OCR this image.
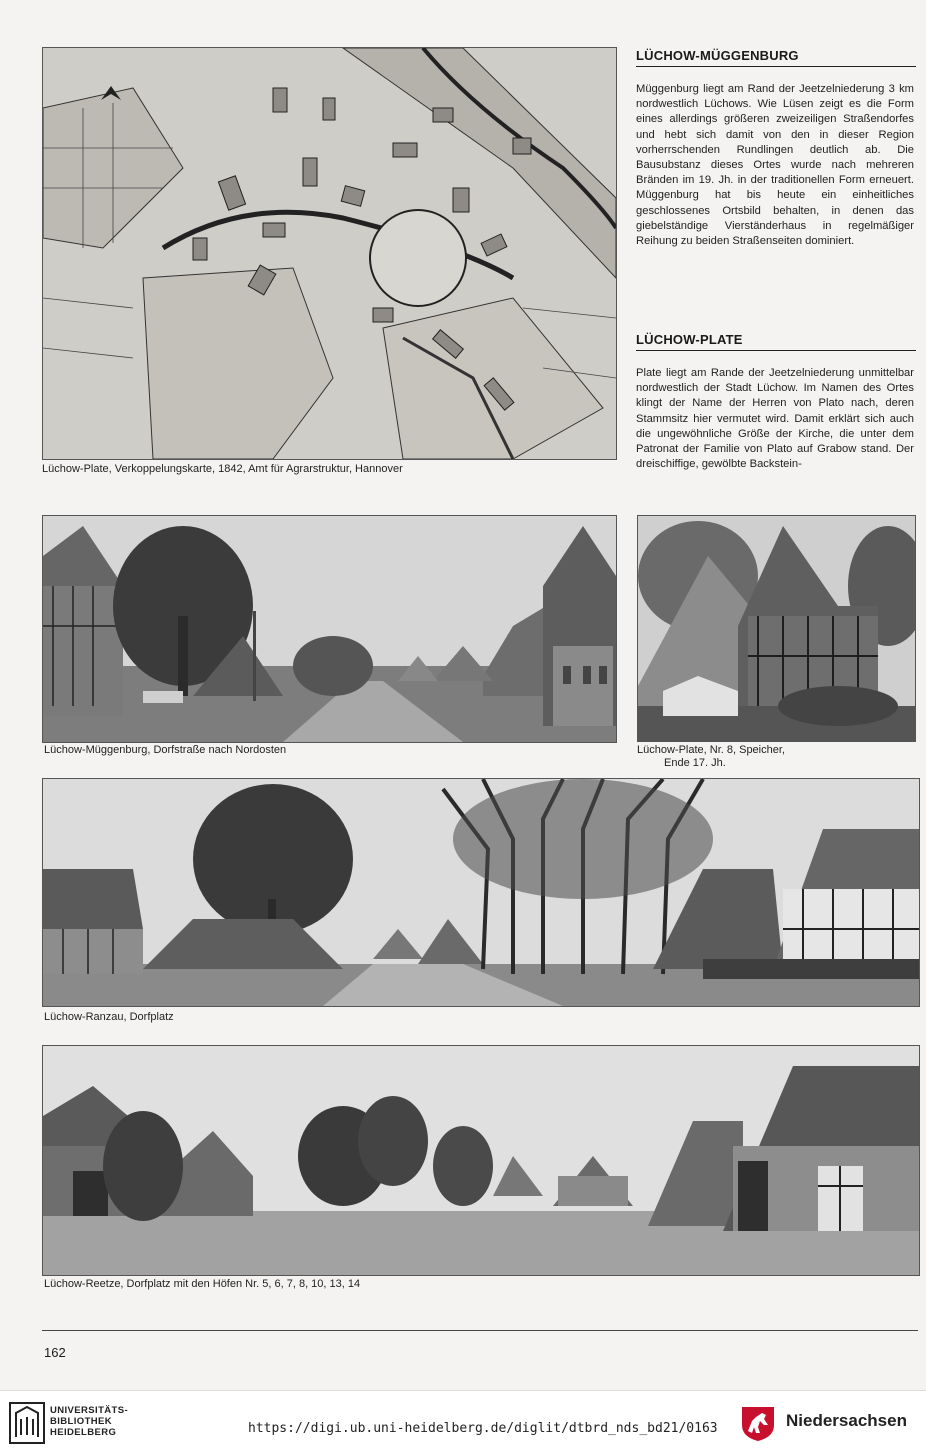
Lüchow-Plate, Verkoppelungskarte, 1842, Amt für Agrarstruktur, Hannover
LÜCHOW-MÜGGENBURG
Müggenburg liegt am Rand der Jeetzelniederung 3 km nordwestlich Lüchows. Wie Lüsen zeigt es die Form eines allerdings größeren zweizeiligen Straßendorfes und hebt sich damit von den in dieser Region vorherrschenden Rundlingen deutlich ab. Die Bausubstanz dieses Ortes wurde nach mehreren Bränden im 19. Jh. in der traditionellen Form erneuert. Müggenburg hat bis heute ein einheitliches geschlossenes Ortsbild behalten, in denen das giebelständige Vierständerhaus in regelmäßiger Reihung zu beiden Straßenseiten dominiert.
LÜCHOW-PLATE
Plate liegt am Rande der Jeetzelniederung unmittelbar nordwestlich der Stadt Lüchow. Im Namen des Ortes klingt der Name der Herren von Plato nach, deren Stammsitz hier vermutet wird. Damit erklärt sich auch die ungewöhnliche Größe der Kirche, die unter dem Patronat der Familie von Plato auf Grabow stand. Der dreischiffige, gewölbte Backstein-
Lüchow-Müggenburg, Dorfstraße nach Nordosten	Lüchow-Plate, Nr. 8, Speicher,
Ende 17. Jh.
Lüchow-Ranzau, Dorfplatz
Lüchow-Reetze, Dorfplatz mit den Höfen Nr. 5, 6, 7, 8, 10, 13, 14
162
UNIVERSITÄTS-
BIBLIOTHEK
HEIDELBERG	https://digi.ub.uni-heidelberg.de/diglit/dtbrd_nds_bd21/0163	Niedersachsen
